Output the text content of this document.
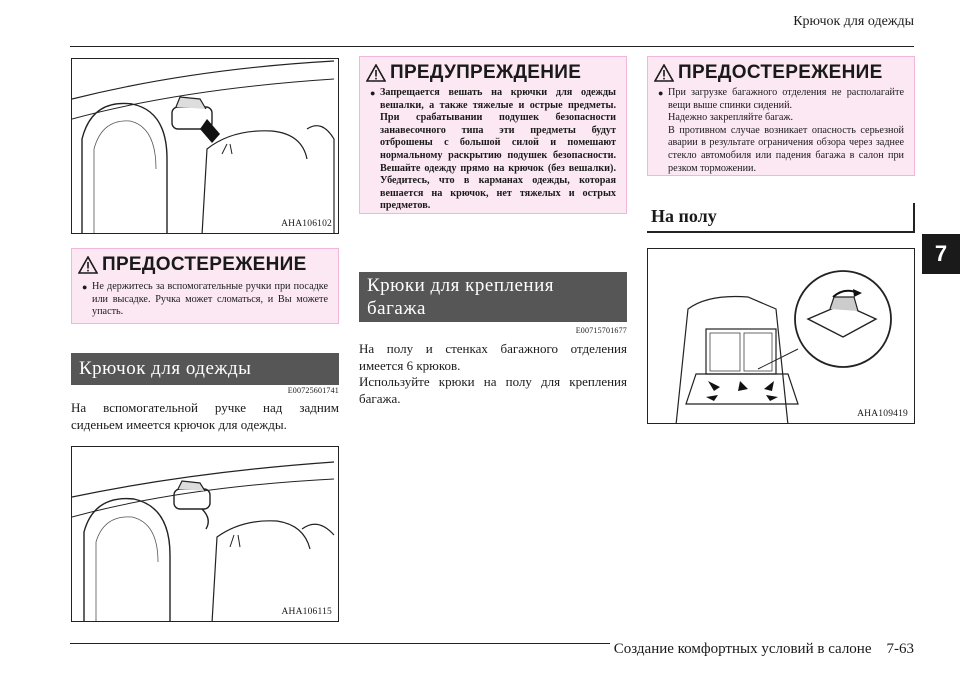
Крючок для одежды
7
AHA106102
ПРЕДОСТЕРЕЖЕНИЕ
● Не держитесь за вспомогательные ручки при посадке или высадке. Ручка может сломаться, и Вы можете упасть.

Крючок для одежды
E00725601741

На вспомогательной ручке над задним сиденьем имеется крючок для одежды.

AHA106115
ПРЕДУПРЕЖДЕНИЕ
● Запрещается вешать на крючки для одежды вешалки, а также тяжелые и острые предметы. При срабатывании подушек безопасности занавесочного типа эти предметы будут отброшены с большой силой и помешают нормальному раскрытию подушек безопасности. Вешайте одежду прямо на крючок (без вешалки). Убедитесь, что в карманах одежды, которая вешается на крючок, нет тяжелых и острых предметов.

Крюки для крепления багажа
E00715701677

На полу и стенках багажного отделения имеется 6 крюков.

Используйте крюки на полу для крепления багажа.

ПРЕДОСТЕРЕЖЕНИЕ
● При загрузке багажного отделения не располагайте вещи выше спинки сидений.

Надежно закрепляйте багаж.

В противном случае возникает опасность серьезной аварии в результате ограничения обзора через заднее стекло автомобиля или падения багажа в салон при резком торможении.

На полу
AHA109419
Создание комфортных условий в салоне 7-63
